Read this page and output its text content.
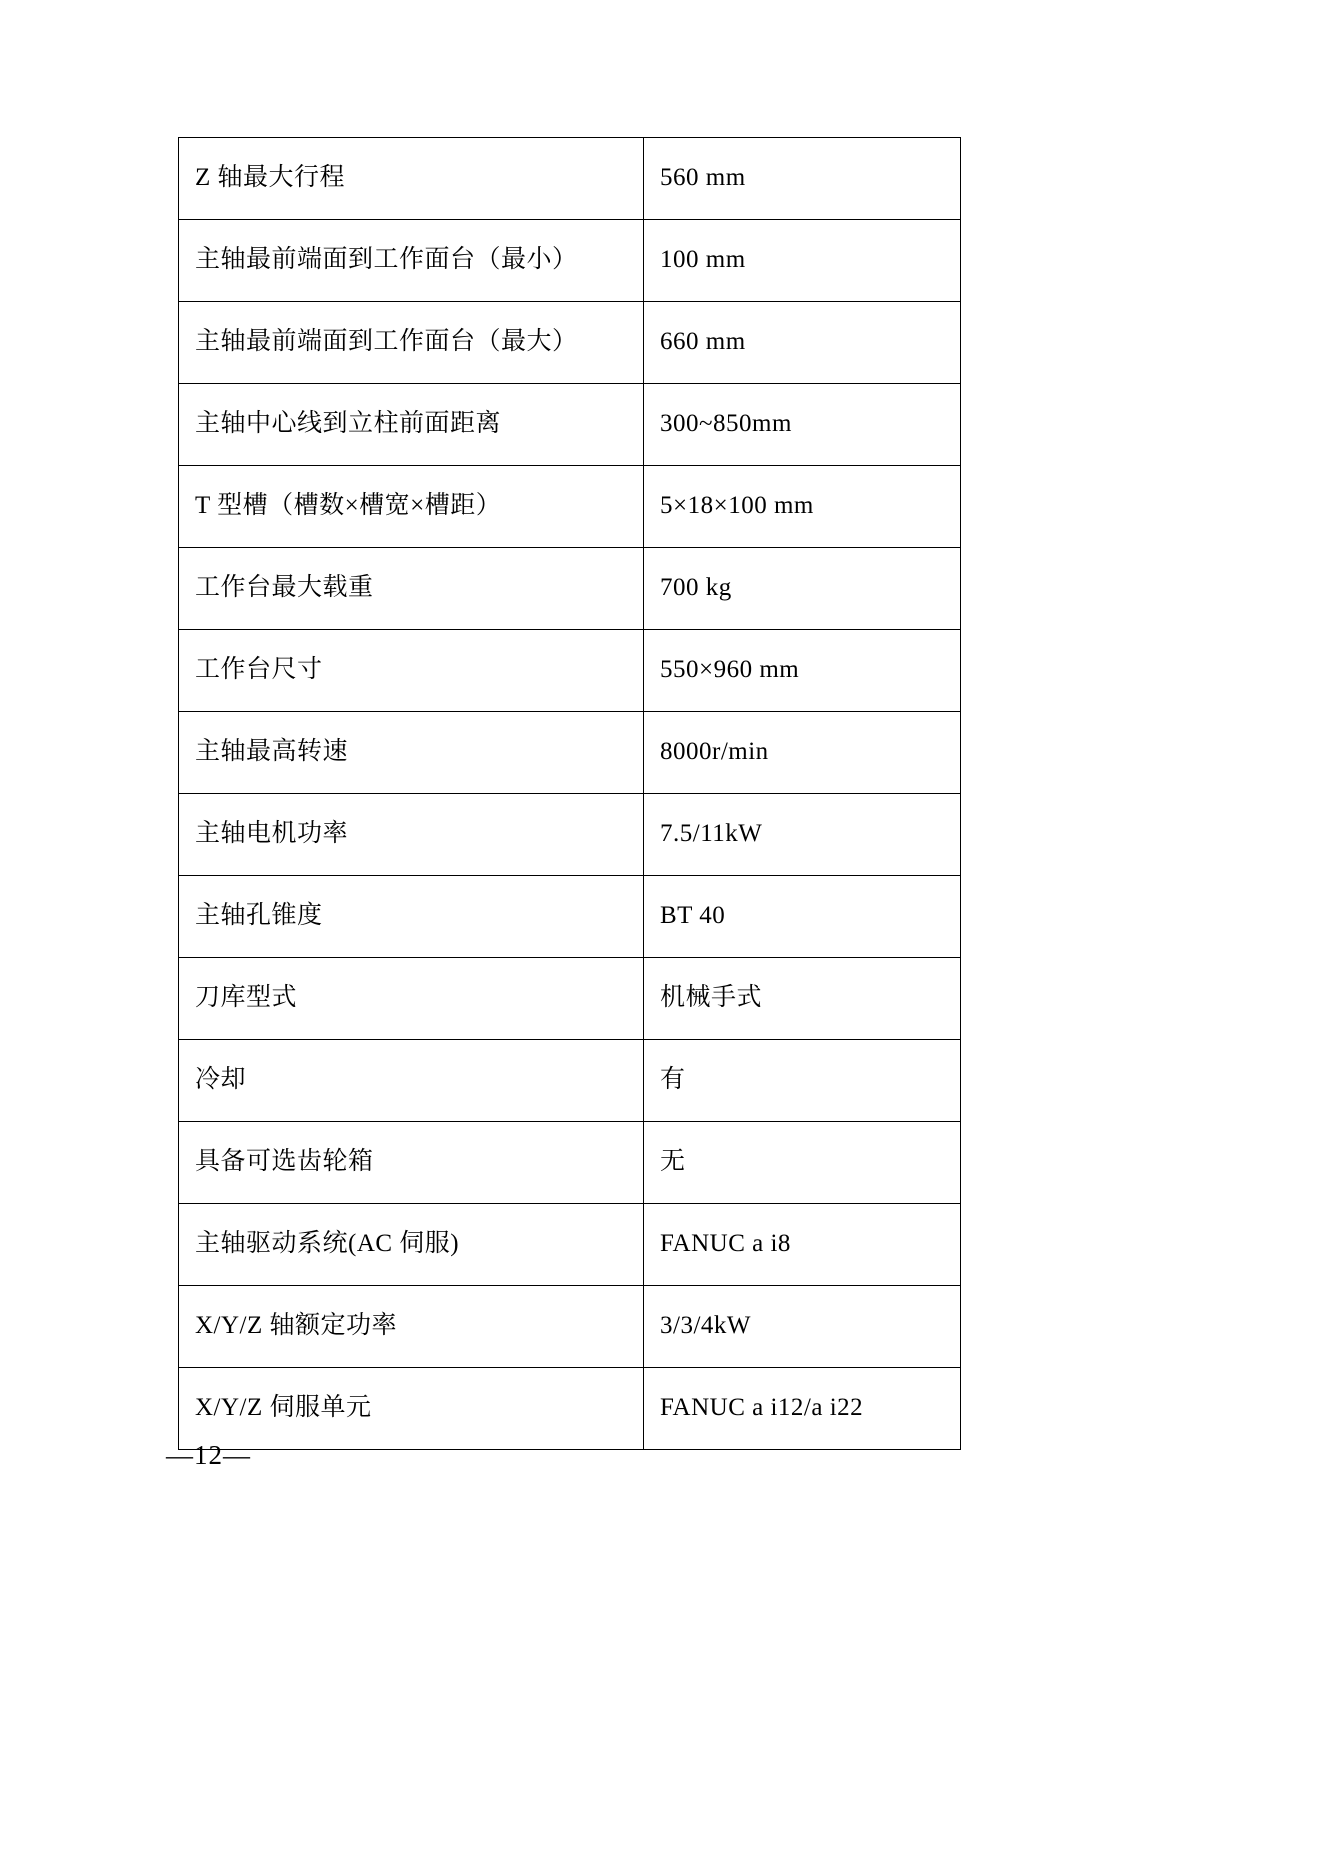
Z 轴最大行程	560 mm
主轴最前端面到工作面台（最小）	100 mm
主轴最前端面到工作面台（最大）	660 mm
主轴中心线到立柱前面距离	300~850mm
T 型槽（槽数×槽宽×槽距）	5×18×100 mm
工作台最大载重	700 kg
工作台尺寸	550×960 mm
主轴最高转速	8000r/min
主轴电机功率	7.5/11kW
主轴孔锥度	BT 40
刀库型式	机械手式
冷却	有
具备可选齿轮箱	无
主轴驱动系统(AC 伺服)	FANUC a i8
X/Y/Z 轴额定功率	3/3/4kW
X/Y/Z 伺服单元	FANUC a i12/a i22
—12—
